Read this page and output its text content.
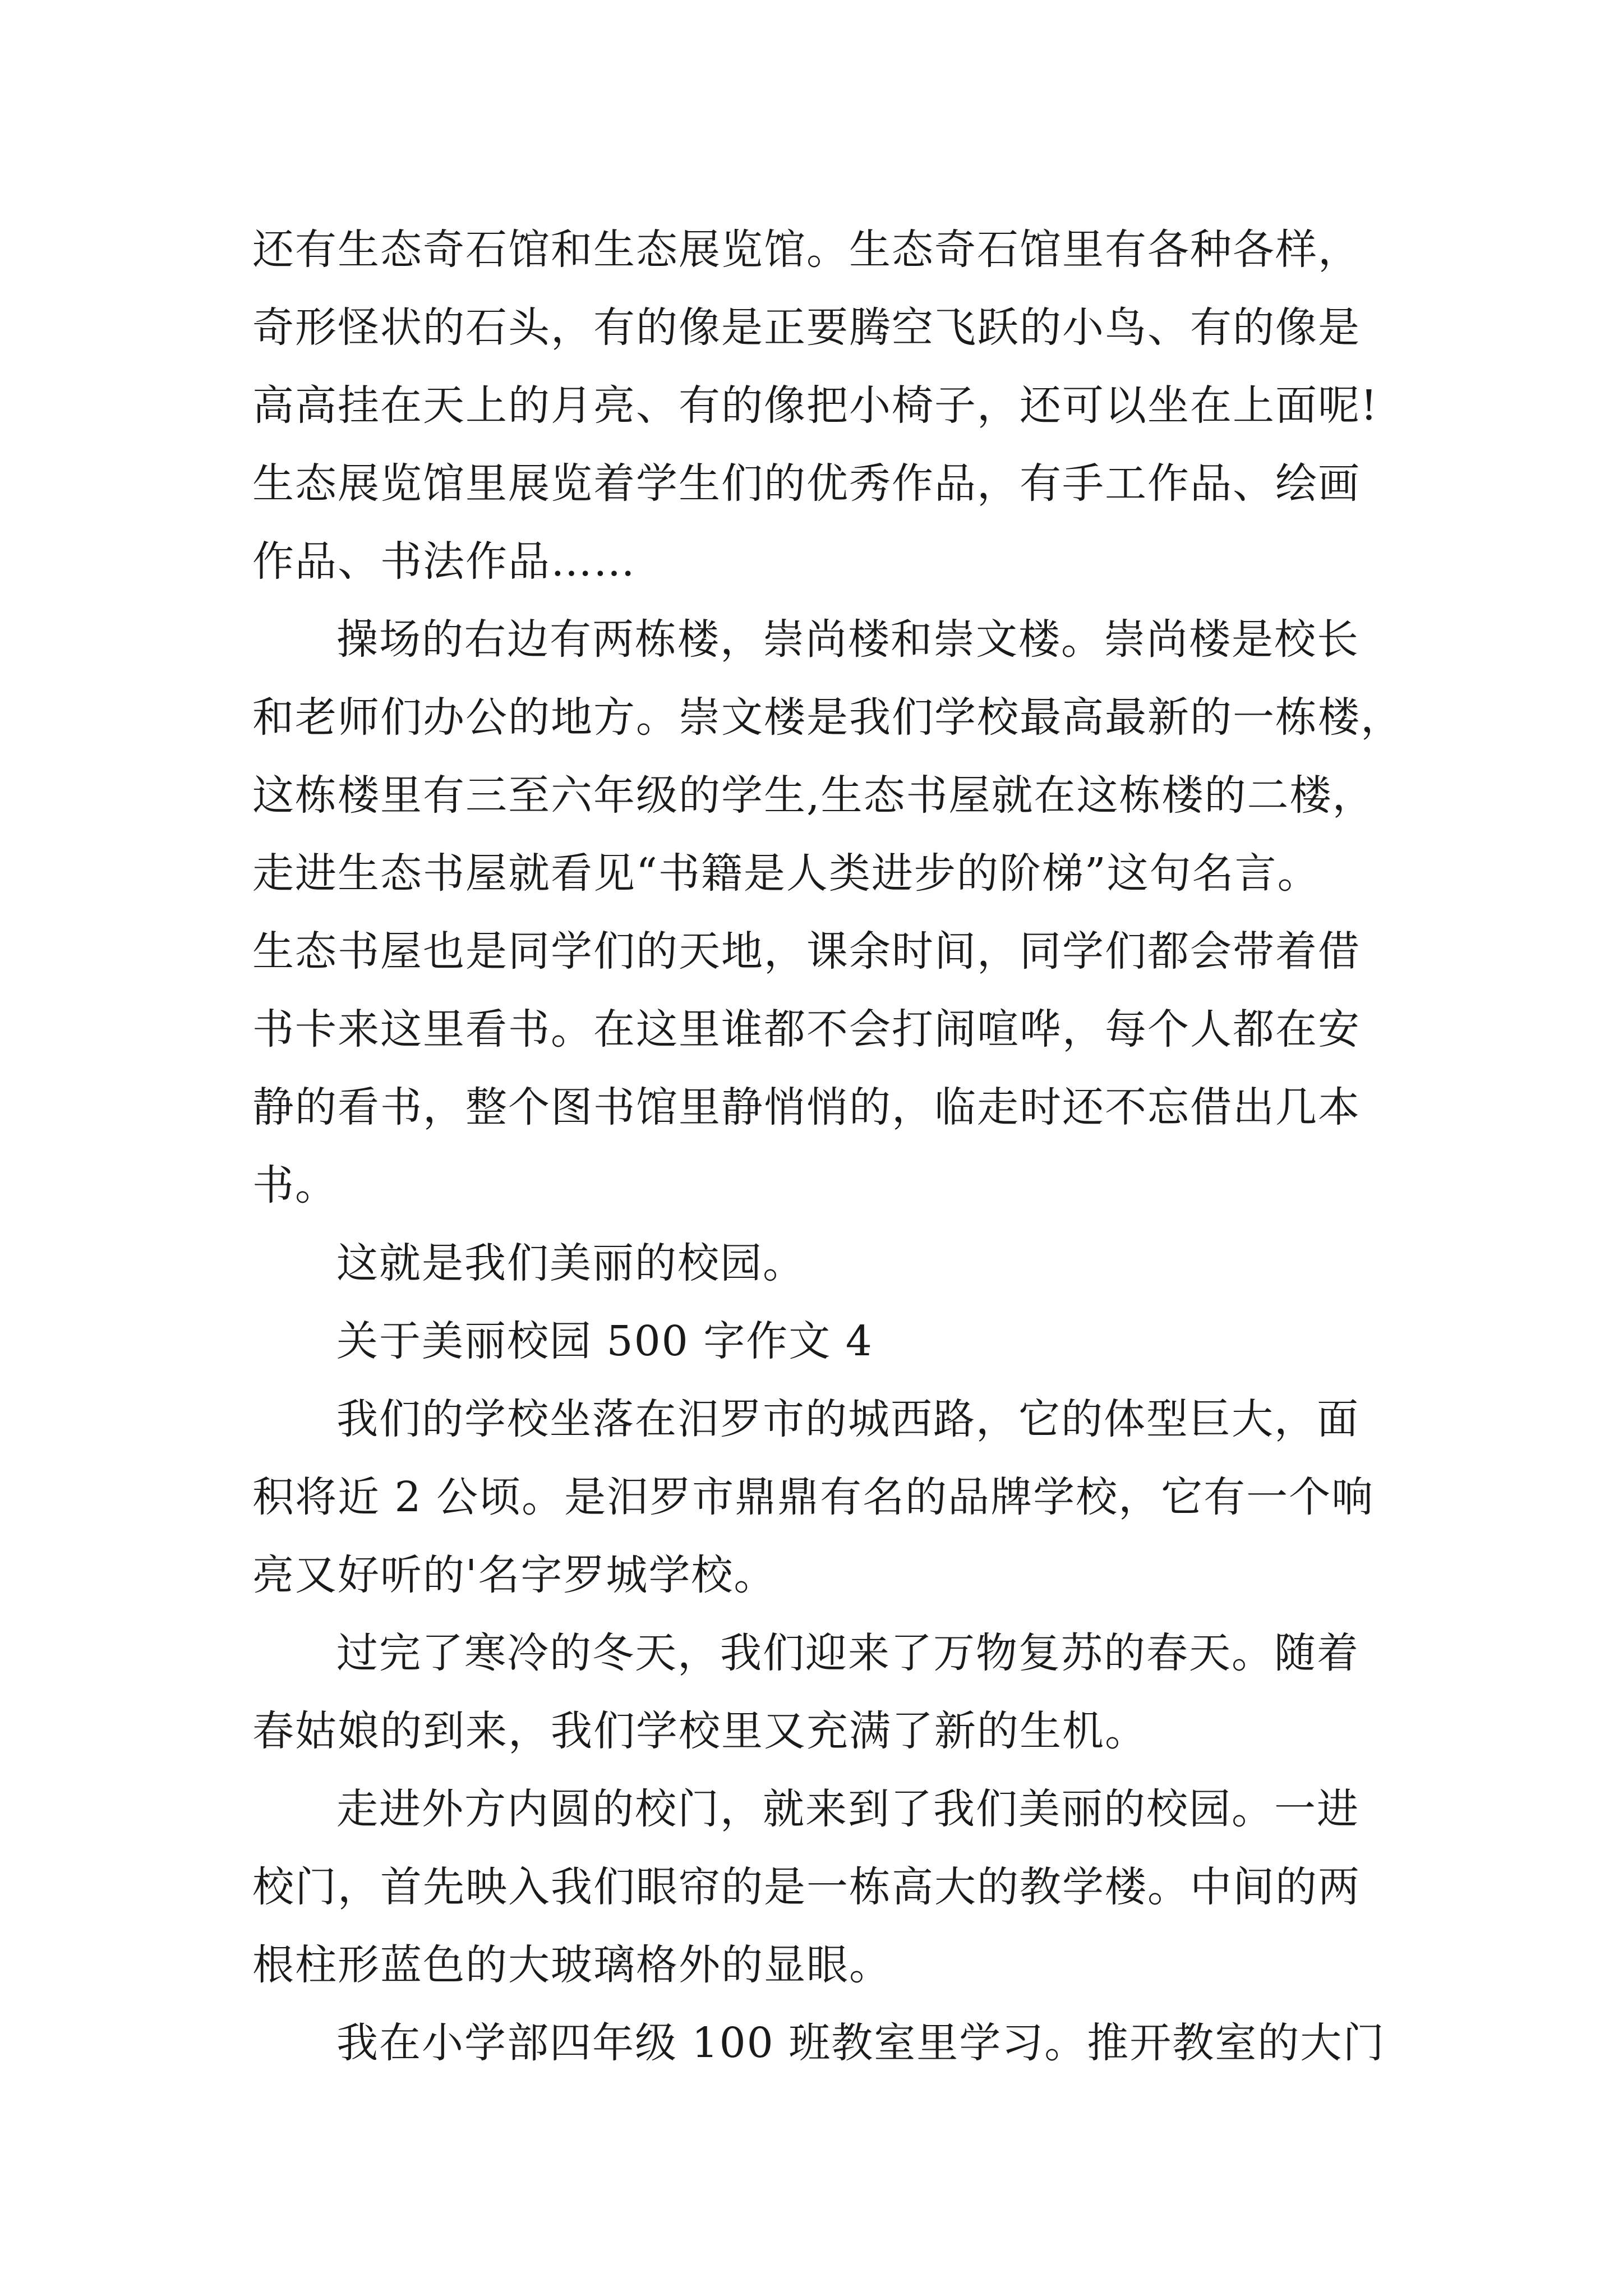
还有生态奇石馆和生态展览馆。生态奇石馆里有各种各样，
奇形怪状的石头，有的像是正要腾空飞跃的小鸟、有的像是
高高挂在天上的月亮、有的像把小椅子，还可以坐在上面呢!
生态展览馆里展览着学生们的优秀作品，有手工作品、绘画
作品、书法作品……
操场的右边有两栋楼，崇尚楼和崇文楼。崇尚楼是校长
和老师们办公的地方。崇文楼是我们学校最高最新的一栋楼，
这栋楼里有三至六年级的学生,生态书屋就在这栋楼的二楼，
走进生态书屋就看见“书籍是人类进步的阶梯”这句名言。
生态书屋也是同学们的天地，课余时间，同学们都会带着借
书卡来这里看书。在这里谁都不会打闹喧哗，每个人都在安
静的看书，整个图书馆里静悄悄的，临走时还不忘借出几本
书。
这就是我们美丽的校园。
关于美丽校园 500 字作文 4
我们的学校坐落在汨罗市的城西路，它的体型巨大，面
积将近 2 公顷。是汨罗市鼎鼎有名的品牌学校，它有一个响
亮又好听的'名字罗城学校。
过完了寒冷的冬天，我们迎来了万物复苏的春天。随着
春姑娘的到来，我们学校里又充满了新的生机。
走进外方内圆的校门，就来到了我们美丽的校园。一进
校门，首先映入我们眼帘的是一栋高大的教学楼。中间的两
根柱形蓝色的大玻璃格外的显眼。
我在小学部四年级 100 班教室里学习。推开教室的大门
